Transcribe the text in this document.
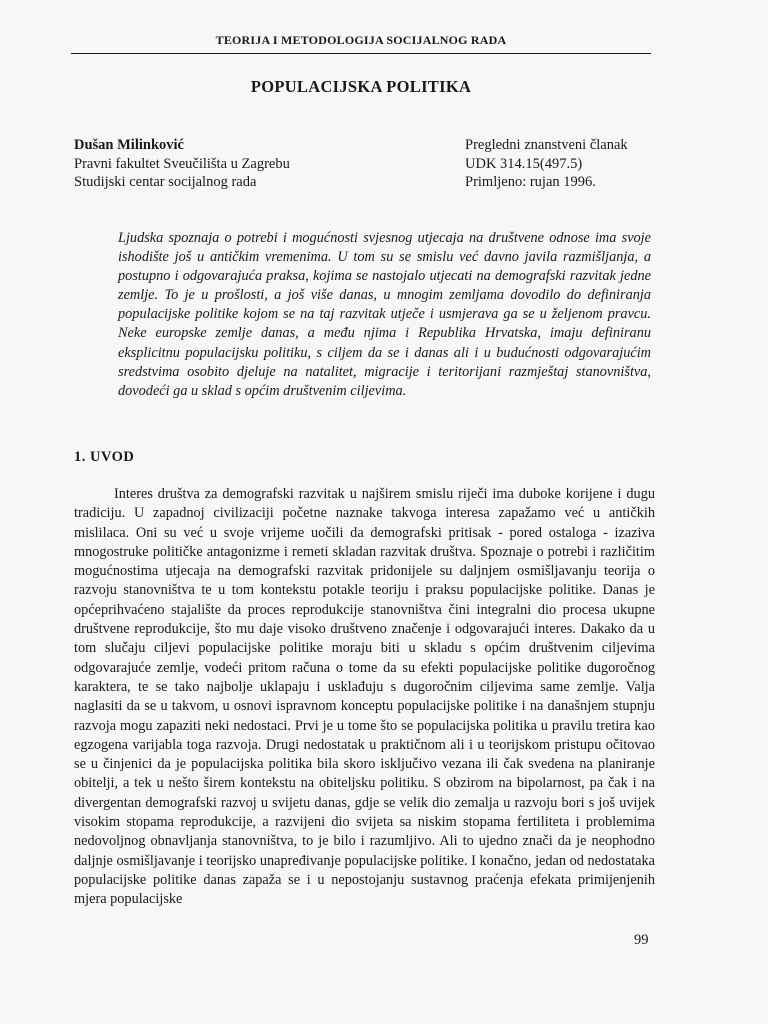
TEORIJA I METODOLOGIJA SOCIJALNOG RADA
POPULACIJSKA POLITIKA
Dušan Milinković
Pravni fakultet Sveučilišta u Zagrebu
Studijski centar socijalnog rada
Pregledni znanstveni članak
UDK 314.15(497.5)
Primljeno: rujan 1996.
Ljudska spoznaja o potrebi i mogućnosti svjesnog utjecaja na društvene odnose ima svoje ishodište još u antičkim vremenima. U tom su se smislu već davno javila razmišljanja, a postupno i odgovarajuća praksa, kojima se nastojalo utjecati na demografski razvitak jedne zemlje. To je u prošlosti, a još više danas, u mnogim zemljama dovodilo do definiranja populacijske politike kojom se na taj razvitak utječe i usmjerava ga se u željenom pravcu. Neke europske zemlje danas, a među njima i Republika Hrvatska, imaju definiranu eksplicitnu populacijsku politiku, s ciljem da se i danas ali i u budućnosti odgovarajućim sredstvima osobito djeluje na natalitet, migracije i teritorijani razmještaj stanovništva, dovodeći ga u sklad s općim društvenim ciljevima.
1. UVOD

Interes društva za demografski razvitak u najširem smislu riječi ima duboke korijene i dugu tradiciju. U zapadnoj civilizaciji početne naznake takvoga interesa zapažamo već u antičkih mislilaca. Oni su već u svoje vrijeme uočili da demografski pritisak - pored ostaloga - izaziva mnogostruke političke antagonizme i remeti skladan razvitak društva. Spoznaje o potrebi i različitim mogućnostima utjecaja na demografski razvitak pridonijele su daljnjem osmišljavanju teorija o razvoju stanovništva te u tom kontekstu potakle teoriju i praksu populacijske politike. Danas je općeprihvaćeno stajalište da proces reprodukcije stanovništva čini integralni dio procesa ukupne društvene reprodukcije, što mu daje visoko društveno značenje i odgovarajući interes. Dakako da u tom slučaju ciljevi populacijske politike moraju biti u skladu s općim društvenim ciljevima odgovarajuće zemlje, vodeći pritom računa o tome da su efekti populacijske politike dugoročnog karaktera, te se tako najbolje uklapaju i usklađuju s dugoročnim ciljevima same zemlje. Valja naglasiti da se u takvom, u osnovi ispravnom konceptu populacijske politike i na današnjem stupnju razvoja mogu zapaziti neki nedostaci. Prvi je u tome što se populacijska politika u pravilu tretira kao egzogena varijabla toga razvoja. Drugi nedostatak u praktičnom ali i u teorijskom pristupu očitovao se u činjenici da je populacijska politika bila skoro isključivo vezana ili čak svedena na planiranje obitelji, a tek u nešto širem kontekstu na obiteljsku politiku. S obzirom na bipolarnost, pa čak i na divergentan demografski razvoj u svijetu danas, gdje se velik dio zemalja u razvoju bori s još uvijek visokim stopama reprodukcije, a razvijeni dio svijeta sa niskim stopama fertiliteta i problemima nedovoljnog obnavljanja stanovništva, to je bilo i razumljivo. Ali to ujedno znači da je neophodno daljnje osmišljavanje i teorijsko unapređivanje populacijske politike. I konačno, jedan od nedostataka populacijske politike danas zapaža se i u nepostojanju sustavnog praćenja efekata primijenjenih mjera populacijske

99
